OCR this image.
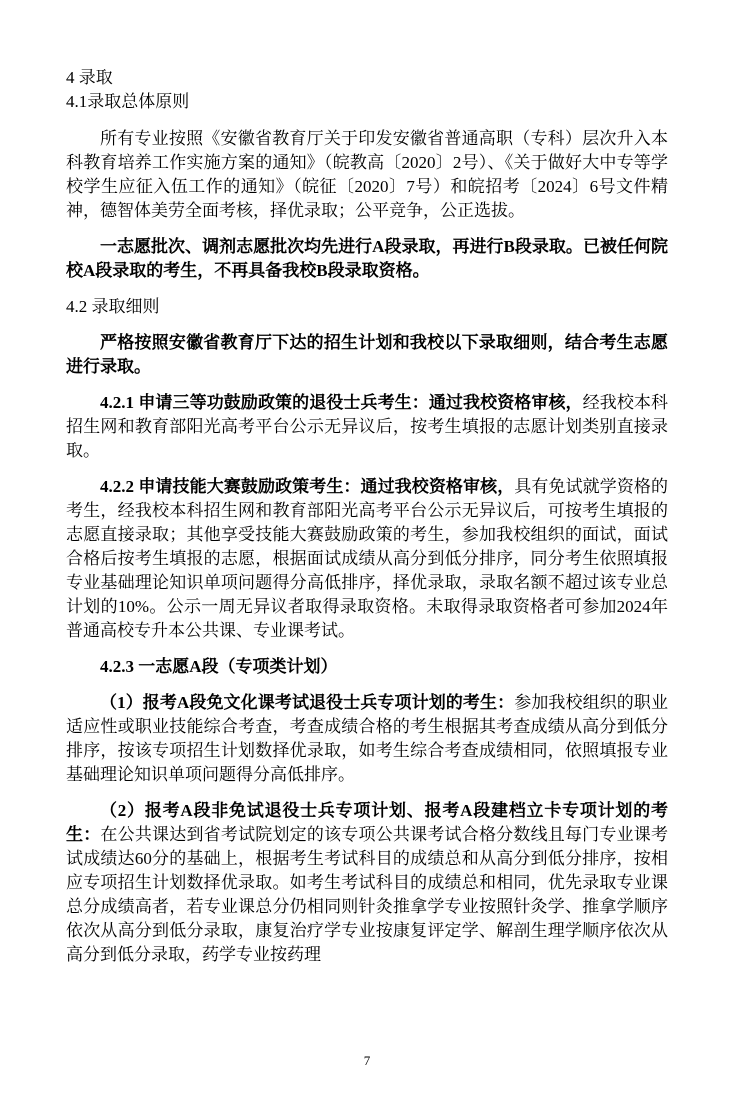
4 录取

4.1录取总体原则

所有专业按照《安徽省教育厅关于印发安徽省普通高职（专科）层次升入本科教育培养工作实施方案的通知》（皖教高〔2020〕2号）、《关于做好大中专等学校学生应征入伍工作的通知》（皖征〔2020〕7号）和皖招考〔2024〕6号文件精神，德智体美劳全面考核，择优录取；公平竞争，公正选拔。

一志愿批次、调剂志愿批次均先进行A段录取，再进行B段录取。已被任何院校A段录取的考生，不再具备我校B段录取资格。

4.2 录取细则

严格按照安徽省教育厅下达的招生计划和我校以下录取细则，结合考生志愿进行录取。

4.2.1 申请三等功鼓励政策的退役士兵考生：通过我校资格审核，经我校本科招生网和教育部阳光高考平台公示无异议后，按考生填报的志愿计划类别直接录取。

4.2.2 申请技能大赛鼓励政策考生：通过我校资格审核，具有免试就学资格的考生，经我校本科招生网和教育部阳光高考平台公示无异议后，可按考生填报的志愿直接录取；其他享受技能大赛鼓励政策的考生，参加我校组织的面试，面试合格后按考生填报的志愿，根据面试成绩从高分到低分排序，同分考生依照填报专业基础理论知识单项问题得分高低排序，择优录取，录取名额不超过该专业总计划的10%。公示一周无异议者取得录取资格。未取得录取资格者可参加2024年普通高校专升本公共课、专业课考试。

4.2.3 一志愿A段（专项类计划）

（1）报考A段免文化课考试退役士兵专项计划的考生：参加我校组织的职业适应性或职业技能综合考查，考查成绩合格的考生根据其考查成绩从高分到低分排序，按该专项招生计划数择优录取，如考生综合考查成绩相同，依照填报专业基础理论知识单项问题得分高低排序。

（2）报考A段非免试退役士兵专项计划、报考A段建档立卡专项计划的考生：在公共课达到省考试院划定的该专项公共课考试合格分数线且每门专业课考试成绩达60分的基础上，根据考生考试科目的成绩总和从高分到低分排序，按相应专项招生计划数择优录取。如考生考试科目的成绩总和相同，优先录取专业课总分成绩高者，若专业课总分仍相同则针灸推拿学专业按照针灸学、推拿学顺序依次从高分到低分录取，康复治疗学专业按康复评定学、解剖生理学顺序依次从高分到低分录取，药学专业按药理

7
